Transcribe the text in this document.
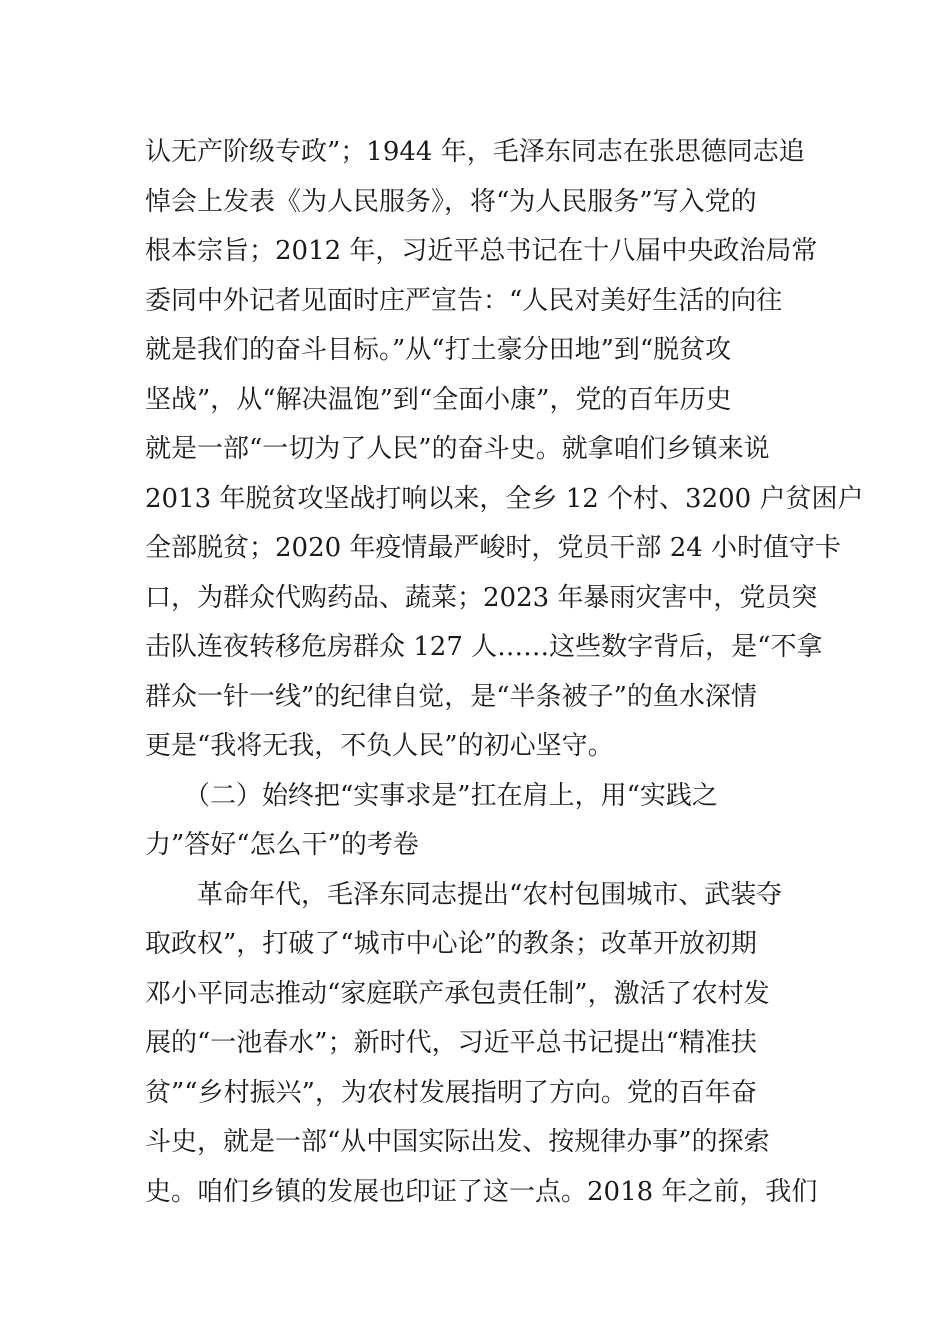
认无产阶级专政”；1944 年，毛泽东同志在张思德同志追
悼会上发表《为人民服务》，将“为人民服务”写入党的
根本宗旨；2012 年，习近平总书记在十八届中央政治局常
委同中外记者见面时庄严宣告：“人民对美好生活的向往
就是我们的奋斗目标。”从“打土豪分田地”到“脱贫攻
坚战”，从“解决温饱”到“全面小康”，党的百年历史
就是一部“一切为了人民”的奋斗史。就拿咱们乡镇来说
2013 年脱贫攻坚战打响以来，全乡 12 个村、3200 户贫困户
全部脱贫；2020 年疫情最严峻时，党员干部 24 小时值守卡
口，为群众代购药品、蔬菜；2023 年暴雨灾害中，党员突
击队连夜转移危房群众 127 人……这些数字背后，是“不拿
群众一针一线”的纪律自觉，是“半条被子”的鱼水深情
更是“我将无我，不负人民”的初心坚守。
　　（二）始终把“实事求是”扛在肩上，用“实践之
力”答好“怎么干”的考卷
　　革命年代，毛泽东同志提出“农村包围城市、武装夺
取政权”，打破了“城市中心论”的教条；改革开放初期
邓小平同志推动“家庭联产承包责任制”，激活了农村发
展的“一池春水”；新时代，习近平总书记提出“精准扶
贫”“乡村振兴”，为农村发展指明了方向。党的百年奋
斗史，就是一部“从中国实际出发、按规律办事”的探索
史。咱们乡镇的发展也印证了这一点。2018 年之前，我们
